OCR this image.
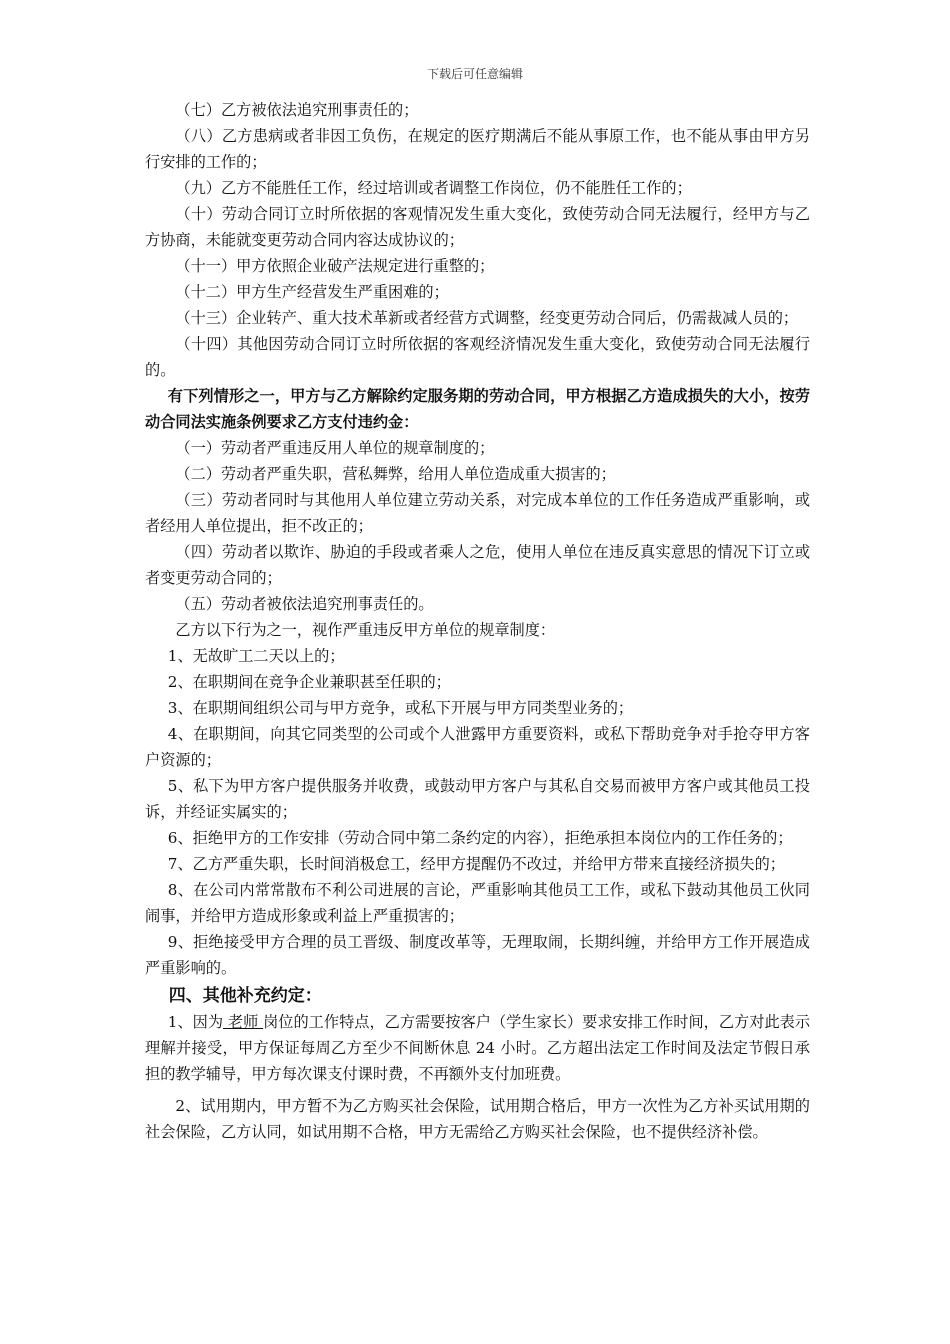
下载后可任意编辑

（七）乙方被依法追究刑事责任的；

（八）乙方患病或者非因工负伤，在规定的医疗期满后不能从事原工作，也不能从事由甲方另行安排的工作的；

（九）乙方不能胜任工作，经过培训或者调整工作岗位，仍不能胜任工作的；

（十）劳动合同订立时所依据的客观情况发生重大变化，致使劳动合同无法履行，经甲方与乙方协商，未能就变更劳动合同内容达成协议的；

（十一）甲方依照企业破产法规定进行重整的；

（十二）甲方生产经营发生严重困难的；

（十三）企业转产、重大技术革新或者经营方式调整，经变更劳动合同后，仍需裁减人员的；

（十四）其他因劳动合同订立时所依据的客观经济情况发生重大变化，致使劳动合同无法履行的。

有下列情形之一，甲方与乙方解除约定服务期的劳动合同，甲方根据乙方造成损失的大小，按劳动合同法实施条例要求乙方支付违约金：

（一）劳动者严重违反用人单位的规章制度的；

（二）劳动者严重失职，营私舞弊，给用人单位造成重大损害的；

（三）劳动者同时与其他用人单位建立劳动关系，对完成本单位的工作任务造成严重影响，或者经用人单位提出，拒不改正的；

（四）劳动者以欺诈、胁迫的手段或者乘人之危，使用人单位在违反真实意思的情况下订立或者变更劳动合同的；

（五）劳动者被依法追究刑事责任的。

乙方以下行为之一，视作严重违反甲方单位的规章制度：

1、无故旷工二天以上的；

2、在职期间在竞争企业兼职甚至任职的；

3、在职期间组织公司与甲方竞争，或私下开展与甲方同类型业务的；

4、在职期间，向其它同类型的公司或个人泄露甲方重要资料，或私下帮助竞争对手抢夺甲方客户资源的；

5、私下为甲方客户提供服务并收费，或鼓动甲方客户与其私自交易而被甲方客户或其他员工投诉，并经证实属实的；

6、拒绝甲方的工作安排（劳动合同中第二条约定的内容），拒绝承担本岗位内的工作任务的；

7、乙方严重失职，长时间消极怠工，经甲方提醒仍不改过，并给甲方带来直接经济损失的；

8、在公司内常常散布不利公司进展的言论，严重影响其他员工工作，或私下鼓动其他员工伙同闹事，并给甲方造成形象或利益上严重损害的；

9、拒绝接受甲方合理的员工晋级、制度改革等，无理取闹，长期纠缠，并给甲方工作开展造成严重影响的。

四、其他补充约定：

1、因为 老师 岗位的工作特点，乙方需要按客户（学生家长）要求安排工作时间，乙方对此表示理解并接受，甲方保证每周乙方至少不间断休息 24 小时。乙方超出法定工作时间及法定节假日承担的教学辅导，甲方每次课支付课时费，不再额外支付加班费。

2、试用期内，甲方暂不为乙方购买社会保险，试用期合格后，甲方一次性为乙方补买试用期的社会保险，乙方认同，如试用期不合格，甲方无需给乙方购买社会保险，也不提供经济补偿。
